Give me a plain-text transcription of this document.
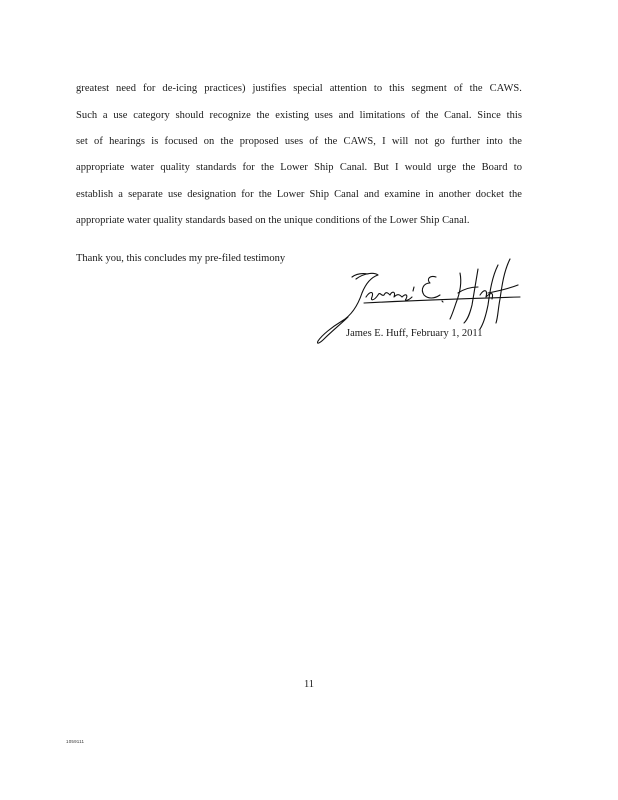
greatest need for de-icing practices) justifies special attention to this segment of the CAWS.
Such a use category should recognize the existing uses and limitations of the Canal. Since this
set of hearings is focused on the proposed uses of the CAWS, I will not go further into the
appropriate water quality standards for the Lower Ship Canal. But I would urge the Board to
establish a separate use designation for the Lower Ship Canal and examine in another docket the
appropriate water quality standards based on the unique conditions of the Lower Ship Canal.
Thank you, this concludes my pre-filed testimony
James E. Huff, February 1, 2011
11
1059111
